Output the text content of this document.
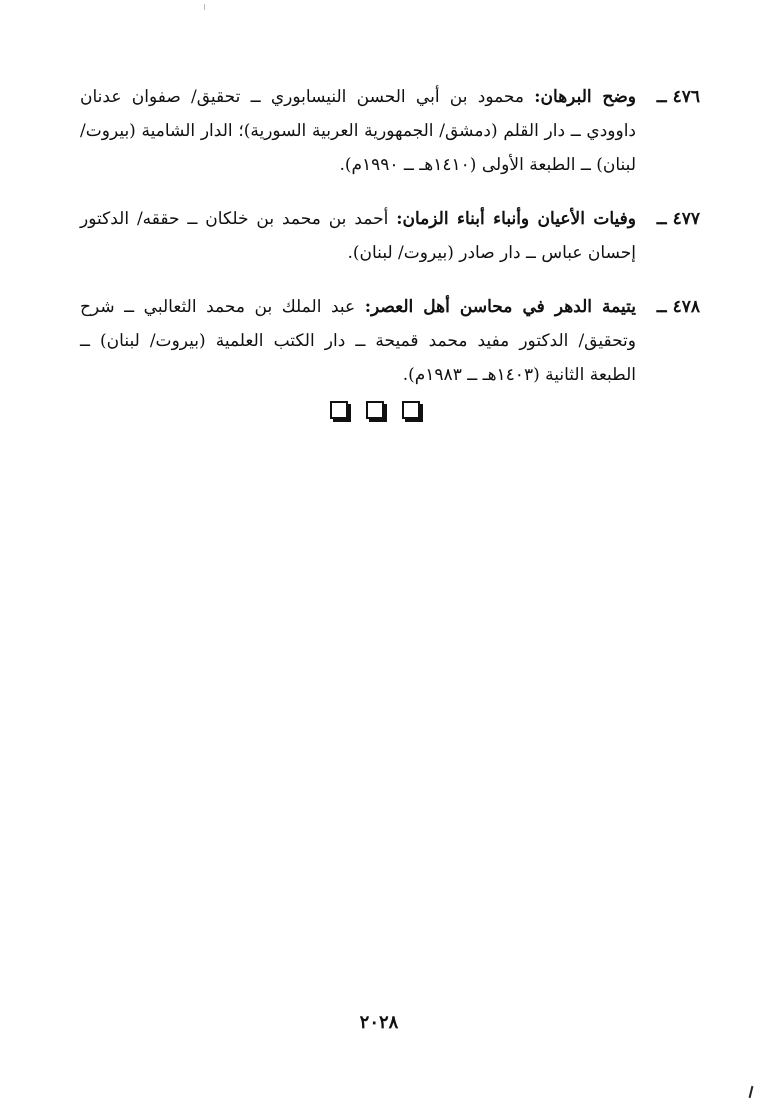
٤٧٦ ــ
وضح البرهان: محمود بن أبي الحسن النيسابوري ــ تحقيق/ صفوان عدنان داوودي ــ دار القلم (دمشق/ الجمهورية العربية السورية)؛ الدار الشامية (بيروت/ لبنان) ــ الطبعة الأولى (١٤١٠هـ ــ ١٩٩٠م).
٤٧٧ ــ
وفيات الأعيان وأنباء أبناء الزمان: أحمد بن محمد بن خلكان ــ حققه/ الدكتور إحسان عباس ــ دار صادر (بيروت/ لبنان).
٤٧٨ ــ
يتيمة الدهر في محاسن أهل العصر: عبد الملك بن محمد الثعالبي ــ شرح وتحقيق/ الدكتور مفيد محمد قميحة ــ دار الكتب العلمية (بيروت/ لبنان) ــ الطبعة الثانية (١٤٠٣هـ ــ ١٩٨٣م).
٢٠٢٨
